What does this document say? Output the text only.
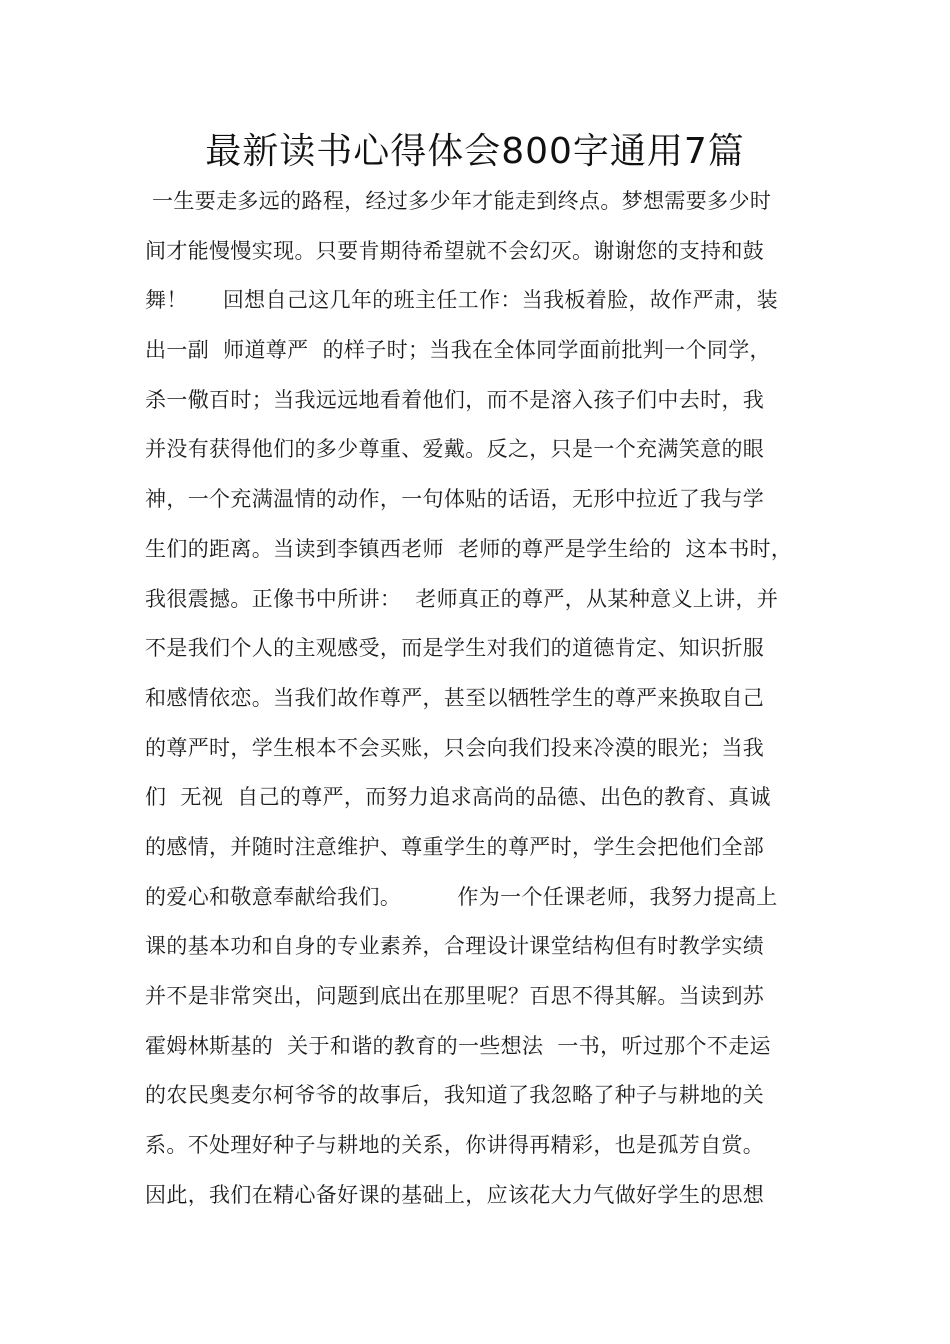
最新读书心得体会800字通用7篇
一生要走多远的路程，经过多少年才能走到终点。梦想需要多少时
间才能慢慢实现。只要肯期待希望就不会幻灭。谢谢您的支持和鼓
舞！     回想自己这几年的班主任工作：当我板着脸，故作严肃，装
出一副  师道尊严  的样子时；当我在全体同学面前批判一个同学，
杀一儆百时；当我远远地看着他们，而不是溶入孩子们中去时，我
并没有获得他们的多少尊重、爱戴。反之，只是一个充满笑意的眼
神，一个充满温情的动作，一句体贴的话语，无形中拉近了我与学
生们的距离。当读到李镇西老师  老师的尊严是学生给的  这本书时，
我很震撼。正像书中所讲：  老师真正的尊严，从某种意义上讲，并
不是我们个人的主观感受，而是学生对我们的道德肯定、知识折服
和感情依恋。当我们故作尊严，甚至以牺牲学生的尊严来换取自己
的尊严时，学生根本不会买账，只会向我们投来冷漠的眼光；当我
们  无视  自己的尊严，而努力追求高尚的品德、出色的教育、真诚
的感情，并随时注意维护、尊重学生的尊严时，学生会把他们全部
的爱心和敬意奉献给我们。        作为一个任课老师，我努力提高上
课的基本功和自身的专业素养，合理设计课堂结构但有时教学实绩
并不是非常突出，问题到底出在那里呢？百思不得其解。当读到苏
霍姆林斯基的  关于和谐的教育的一些想法  一书，听过那个不走运
的农民奥麦尔柯爷爷的故事后，我知道了我忽略了种子与耕地的关
系。不处理好种子与耕地的关系，你讲得再精彩，也是孤芳自赏。
因此，我们在精心备好课的基础上，应该花大力气做好学生的思想
